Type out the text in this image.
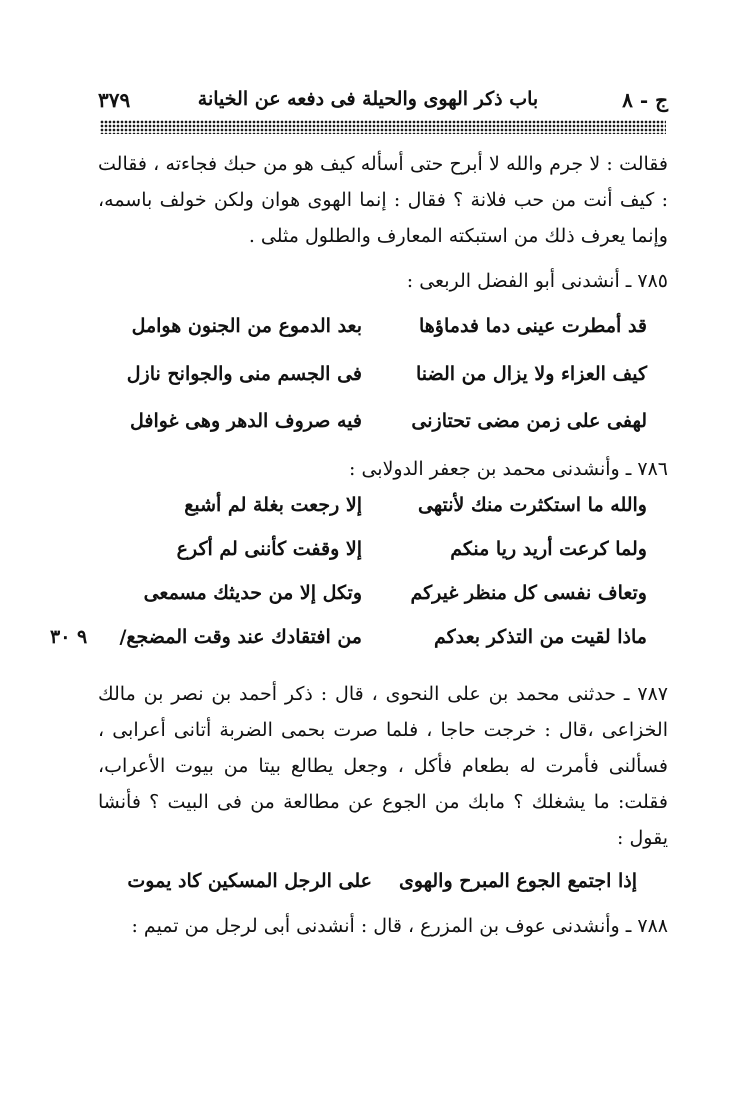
ج - ٨
باب ذكر الهوى والحيلة فى دفعه عن الخيانة
٣٧٩

فقالت : لا جرم والله لا أبرح حتى أسأله كيف هو من حبك فجاءته ، فقالت : كيف أنت من حب فلانة ؟ فقال : إنما الهوى هوان ولكن خولف باسمه، وإنما يعرف ذلك من استبكته المعارف والطلول مثلى .

٧٨٥ ـ أنشدنى أبو الفضل الربعى :

قد أمطرت عينى دما فدماؤها
بعد الدموع من الجنون هوامل
كيف العزاء ولا يزال من الضنا
فى الجسم منى والجوانح نازل
لهفى على زمن مضى تحتازنى
فيه صروف الدهر وهى غوافل

٧٨٦ ـ وأنشدنى محمد بن جعفر الدولابى :

والله ما استكثرت منك لأنتهى
إلا رجعت بغلة لم أشبع
ولما كرعت أريد ريا منكم
إلا وقفت كأننى لم أكرع
وتعاف نفسى كل منظر غيركم
وتكل إلا من حديثك مسمعى
ماذا لقيت من التذكر بعدكم
من افتقادك عند وقت المضجع/
٩ ٣٠

٧٨٧ ـ حدثنى محمد بن على النحوى ، قال : ذكر أحمد بن نصر بن مالك الخزاعى ،قال : خرجت حاجا ، فلما صرت بحمى الضربة أتانى أعرابى ، فسألنى فأمرت له بطعام فأكل ، وجعل يطالع بيتا من بيوت الأعراب، فقلت: ما يشغلك ؟ مابك من الجوع عن مطالعة من فى البيت ؟ فأنشا يقول :

إذا اجتمع الجوع المبرح والهوى
على الرجل المسكين كاد يموت

٧٨٨ ـ وأنشدنى عوف بن المزرع ، قال : أنشدنى أبى لرجل من تميم :
